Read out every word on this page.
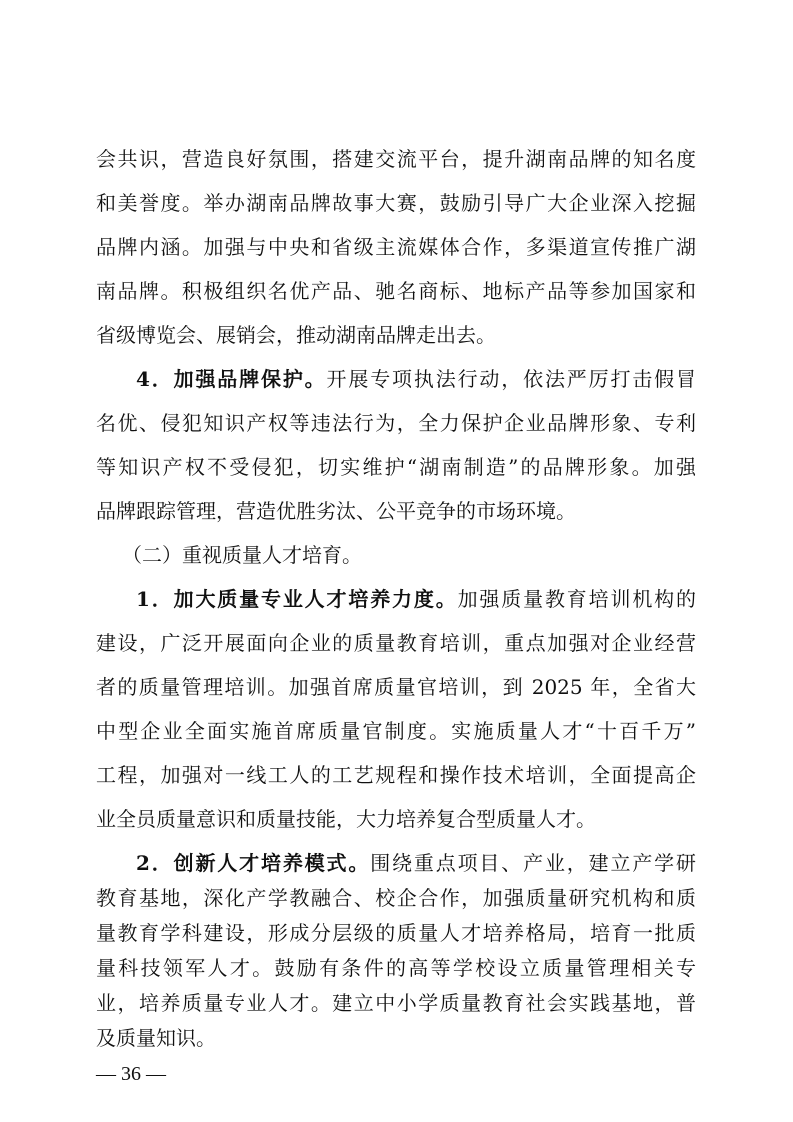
会共识，营造良好氛围，搭建交流平台，提升湖南品牌的知名度
和美誉度。举办湖南品牌故事大赛，鼓励引导广大企业深入挖掘
品牌内涵。加强与中央和省级主流媒体合作，多渠道宣传推广湖
南品牌。积极组织名优产品、驰名商标、地标产品等参加国家和
省级博览会、展销会，推动湖南品牌走出去。
4．加强品牌保护。开展专项执法行动，依法严厉打击假冒
名优、侵犯知识产权等违法行为，全力保护企业品牌形象、专利
等知识产权不受侵犯，切实维护“湖南制造”的品牌形象。加强
品牌跟踪管理，营造优胜劣汰、公平竞争的市场环境。
（二）重视质量人才培育。
1．加大质量专业人才培养力度。加强质量教育培训机构的
建设，广泛开展面向企业的质量教育培训，重点加强对企业经营
者的质量管理培训。加强首席质量官培训，到 2025 年，全省大
中型企业全面实施首席质量官制度。实施质量人才“十百千万”
工程，加强对一线工人的工艺规程和操作技术培训，全面提高企
业全员质量意识和质量技能，大力培养复合型质量人才。
2．创新人才培养模式。围绕重点项目、产业，建立产学研
教育基地，深化产学教融合、校企合作，加强质量研究机构和质
量教育学科建设，形成分层级的质量人才培养格局，培育一批质
量科技领军人才。鼓励有条件的高等学校设立质量管理相关专
— 36 —
业，培养质量专业人才。建立中小学质量教育社会实践基地，普
及质量知识。
